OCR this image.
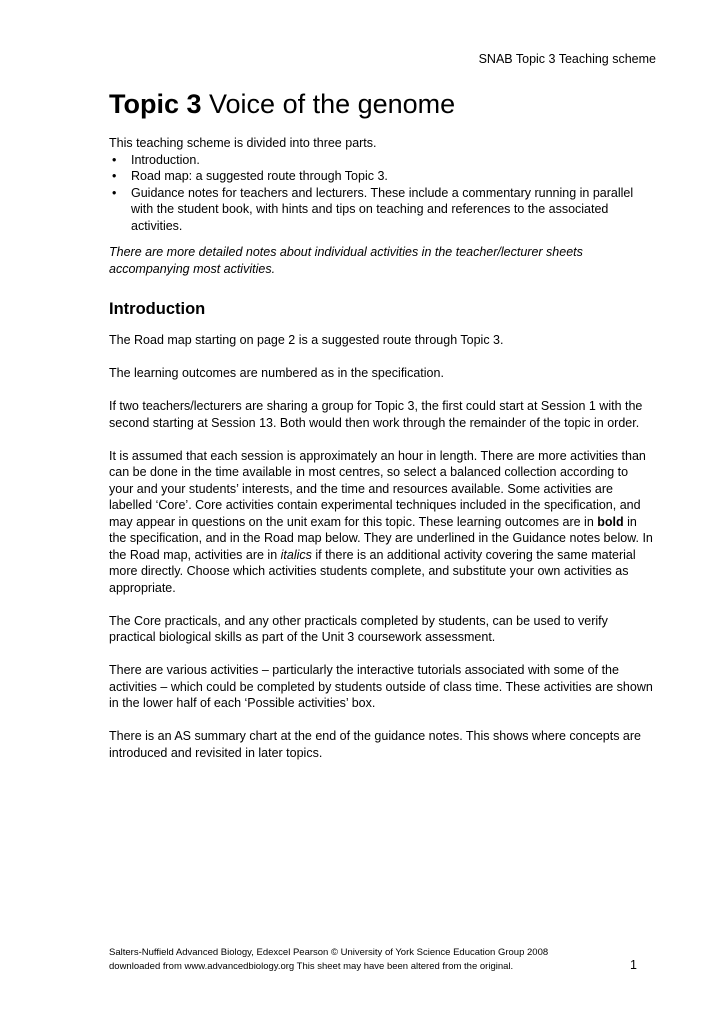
SNAB Topic 3 Teaching scheme
Topic 3 Voice of the genome

This teaching scheme is divided into three parts.

• Introduction.
• Road map: a suggested route through Topic 3.
• Guidance notes for teachers and lecturers. These include a commentary running in parallel with the student book, with hints and tips on teaching and references to the associated activities.

There are more detailed notes about individual activities in the teacher/lecturer sheets accompanying most activities.

Introduction

The Road map starting on page 2 is a suggested route through Topic 3.

The learning outcomes are numbered as in the specification.

If two teachers/lecturers are sharing a group for Topic 3, the first could start at Session 1 with the second starting at Session 13. Both would then work through the remainder of the topic in order.

It is assumed that each session is approximately an hour in length. There are more activities than can be done in the time available in most centres, so select a balanced collection according to your and your students’ interests, and the time and resources available. Some activities are labelled ‘Core’. Core activities contain experimental techniques included in the specification, and may appear in questions on the unit exam for this topic. These learning outcomes are in bold in the specification, and in the Road map below. They are underlined in the Guidance notes below. In the Road map, activities are in italics if there is an additional activity covering the same material more directly. Choose which activities students complete, and substitute your own activities as appropriate.

The Core practicals, and any other practicals completed by students, can be used to verify practical biological skills as part of the Unit 3 coursework assessment.

There are various activities – particularly the interactive tutorials associated with some of the activities – which could be completed by students outside of class time. These activities are shown in the lower half of each ‘Possible activities’ box.

There is an AS summary chart at the end of the guidance notes. This shows where concepts are introduced and revisited in later topics.

Salters-Nuffield Advanced Biology, Edexcel Pearson © University of York Science Education Group 2008

downloaded from www.advancedbiology.org This sheet may have been altered from the original.	1
